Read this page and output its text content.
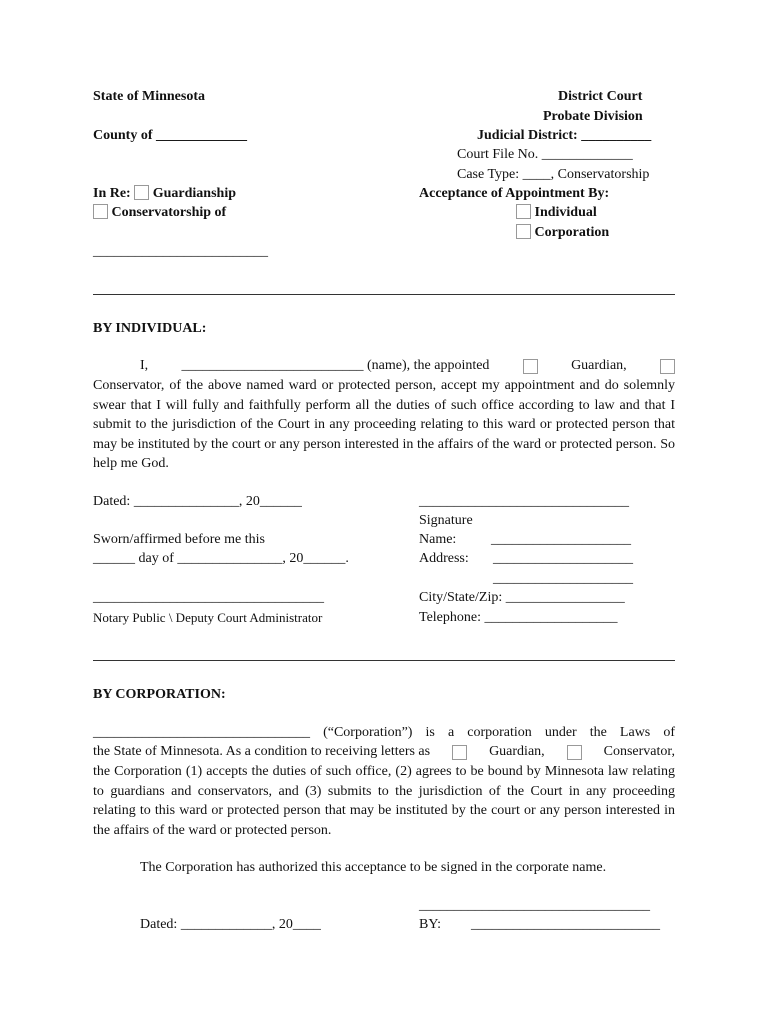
State of Minnesota
County of _____________
District Court
Probate Division
Judicial District: __________
Court File No. _____________
Case Type: ____, Conservatorship
In Re: Guardianship
Conservatorship of
_________________________
Acceptance of Appointment By:
Individual
Corporation
BY INDIVIDUAL:
I, __________________________ (name), the appointed	Guardian,
Conservator, of the above named ward or protected person, accept my appointment and do solemnly swear that I will fully and faithfully perform all the duties of such office according to law and that I submit to the jurisdiction of the Court in any proceeding relating to this ward or protected person that may be instituted by the court or any person interested in the affairs of the ward or protected person. So help me God.
Dated: _______________, 20______	______________________________
Signature
Sworn/affirmed before me this	Name: ____________________
______ day of _______________, 20______.	Address: ____________________
____________________
_________________________________	City/State/Zip: _________________
Notary Public \ Deputy Court Administrator	Telephone: ___________________
BY CORPORATION:
_______________________________ (“Corporation”) is a corporation under the Laws of
the State of Minnesota. As a condition to receiving letters as	Guardian,	Conservator,
the Corporation (1) accepts the duties of such office, (2) agrees to be bound by Minnesota law relating to guardians and conservators, and (3) submits to the jurisdiction of the Court in any proceeding relating to this ward or protected person that may be instituted by the court or any person interested in the affairs of the ward or protected person.
The Corporation has authorized this acceptance to be signed in the corporate name.
_________________________________
Dated: _____________, 20____	BY: ___________________________
